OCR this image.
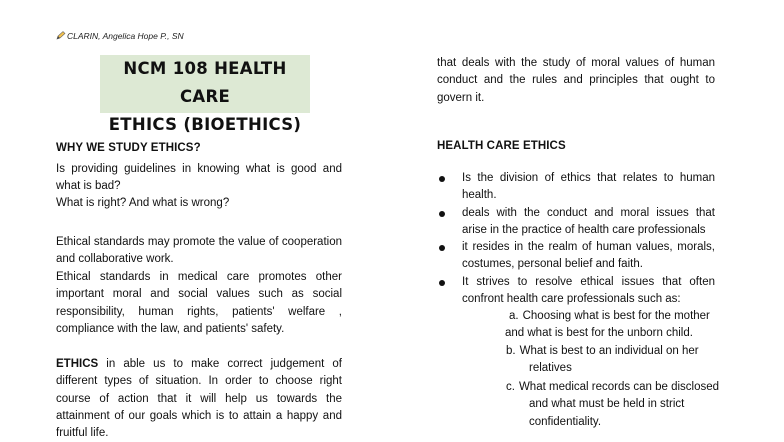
CLARIN, Angelica Hope P., SN
NCM 108 HEALTH CARE
ETHICS (BIOETHICS)
WHY WE STUDY ETHICS?
Is providing guidelines in knowing what is good and what is bad?
What is right? And what is wrong?
Ethical standards may promote the value of cooperation and collaborative work.
Ethical standards in medical care promotes other important moral and social values such as social responsibility, human rights, patients' welfare , compliance with the law, and patients' safety.
ETHICS in able us to make correct judgement of different types of situation. In order to choose right course of action that it will help us towards the attainment of our goals which is to attain a happy and fruitful life.
that deals with the study of moral values of human conduct and the rules and principles that ought to govern it.
HEALTH CARE ETHICS
Is the division of ethics that relates to human health.
deals with the conduct and moral issues that arise in the practice of health care professionals
it resides in the realm of human values, morals, costumes, personal belief and faith.
It strives to resolve ethical issues that often confront health care professionals such as:
a. Choosing what is best for the mother
and what is best for the unborn child.
b. What is best to an individual on her
relatives
c. What medical records can be disclosed
and what must be held in strict
confidentiality.
